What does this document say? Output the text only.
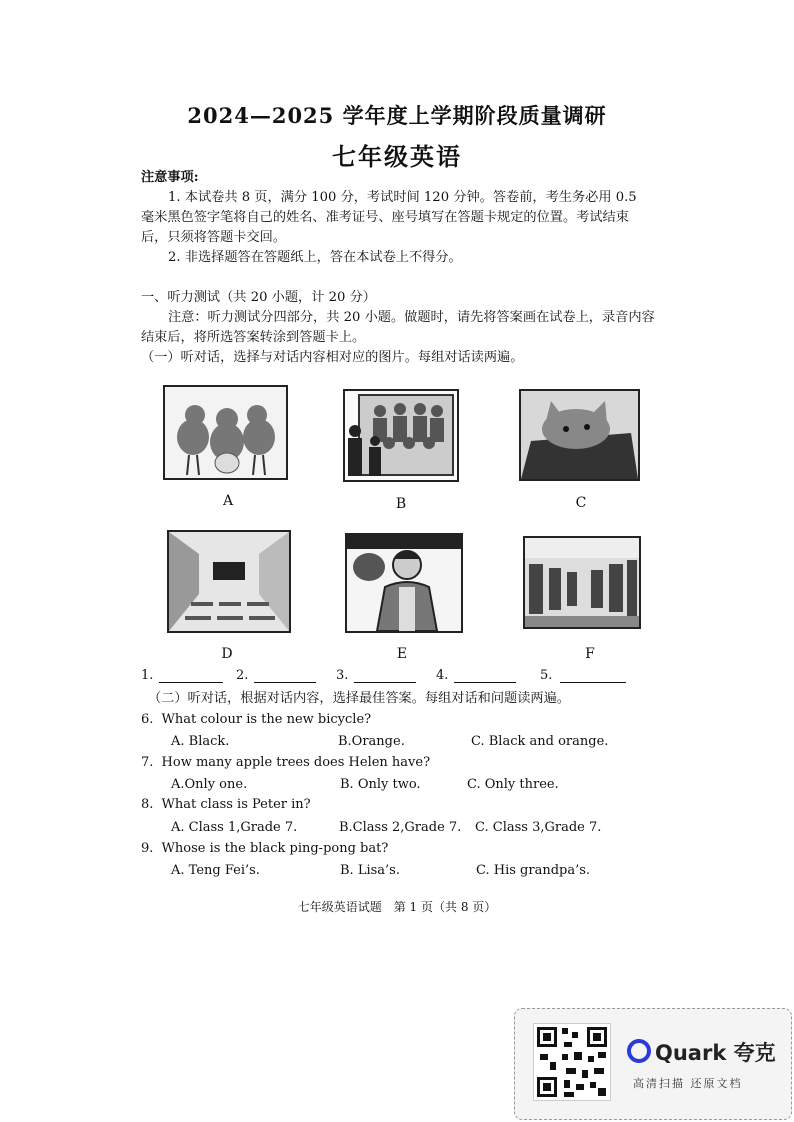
2024—2025 学年度上学期阶段质量调研
七年级英语
注意事项:
1. 本试卷共 8 页，满分 100 分，考试时间 120 分钟。答卷前，考生务必用 0.5
毫米黑色签字笔将自己的姓名、准考证号、座号填写在答题卡规定的位置。考试结束
后，只须将答题卡交回。
2. 非选择题答在答题纸上，答在本试卷上不得分。
一、听力测试（共 20 小题，计 20 分）
注意：听力测试分四部分，共 20 小题。做题时，请先将答案画在试卷上，录音内容
结束后，将所选答案转涂到答题卡上。
（一）听对话，选择与对话内容相对应的图片。每组对话读两遍。
A	B	C
D	E	F
1.	2.	3.	4.	5.
（二）听对话，根据对话内容，选择最佳答案。每组对话和问题读两遍。
6. What colour is the new bicycle?
A. Black.	B.Orange.	C. Black and orange.
7. How many apple trees does Helen have?
A.Only one.	B. Only two.	C. Only three.
8. What class is Peter in?
A. Class 1,Grade 7.	B.Class 2,Grade 7. C. Class 3,Grade 7.
9. Whose is the black ping-pong bat?
A. Teng Fei’s.	B. Lisa’s.	C. His grandpa’s.
七年级英语试题　第 1 页（共 8 页）
Quark 夸克
高清扫描 还原文档
